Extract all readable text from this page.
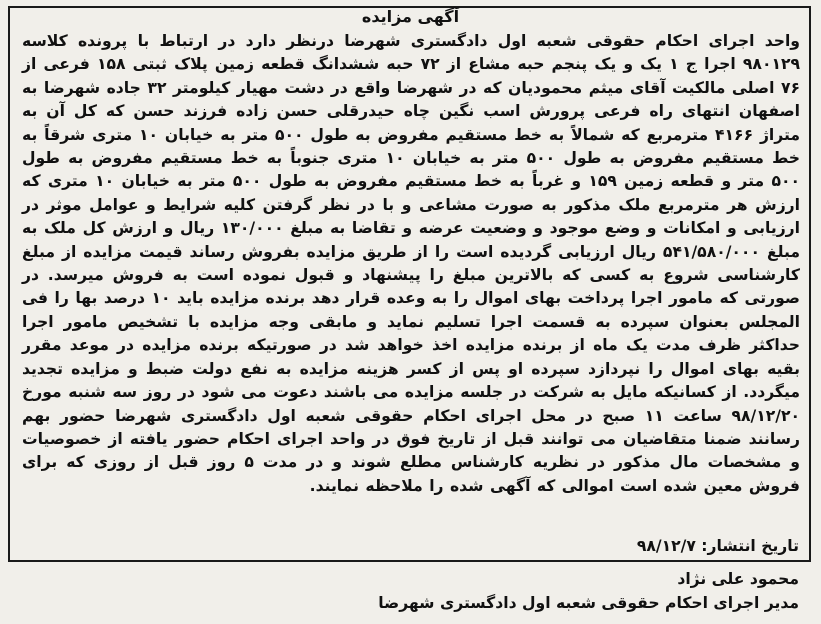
آگهی مزایده
واحد اجرای احکام حقوقی شعبه اول دادگستری شهرضا درنظر دارد در ارتباط با پرونده کلاسه ۹۸۰۱۲۹ اجرا ج ۱ یک و یک پنجم حبه مشاع از ۷۲ حبه ششدانگ قطعه زمین پلاک ثبتی ۱۵۸ فرعی از ۷۶ اصلی مالکیت آقای میثم محمودیان که در شهرضا واقع در دشت مهیار کیلومتر ۳۲ جاده شهرضا به اصفهان انتهای راه فرعی پرورش اسب نگین چاه حیدرقلی حسن زاده فرزند حسن که کل آن به متراژ ۴۱۶۶ مترمربع که شمالاً به خط مستقیم مفروض به طول ۵۰۰ متر به خیابان ۱۰ متری شرقاً به خط مستقیم مفروض به طول ۵۰۰ متر به خیابان ۱۰ متری جنوباً به خط مستقیم مفروض به طول ۵۰۰ متر و قطعه زمین ۱۵۹ و غرباً به خط مستقیم مفروض به طول ۵۰۰ متر به خیابان ۱۰ متری که ارزش هر مترمربع ملک مذکور به صورت مشاعی و با در نظر گرفتن کلیه شرایط و عوامل موثر در ارزیابی و امکانات و وضع موجود و وضعیت عرضه و تقاضا به مبلغ ۱۳۰/۰۰۰ ریال و ارزش کل ملک به مبلغ ۵۴۱/۵۸۰/۰۰۰ ریال ارزیابی گردیده است را از طریق مزایده بفروش رساند قیمت مزایده از مبلغ کارشناسی شروع به کسی که بالاترین مبلغ را پیشنهاد و قبول نموده است به فروش میرسد. در صورتی که مامور اجرا پرداخت بهای اموال را به وعده قرار دهد برنده مزایده باید ۱۰ درصد بها را فی المجلس بعنوان سپرده به قسمت اجرا تسلیم نماید و مابقی وجه مزایده با تشخیص مامور اجرا حداکثر ظرف مدت یک ماه از برنده مزایده اخذ خواهد شد در صورتیکه برنده مزایده در موعد مقرر بقیه بهای اموال را نپردازد سپرده او پس از کسر هزینه مزایده به نفع دولت ضبط و مزایده تجدید میگردد. از کسانیکه مایل به شرکت در جلسه مزایده می باشند دعوت می شود در روز سه شنبه مورخ ۹۸/۱۲/۲۰ ساعت ۱۱ صبح در محل اجرای احکام حقوقی شعبه اول دادگستری شهرضا حضور بهم رسانند ضمنا متقاضیان می توانند قبل از تاریخ فوق در واحد اجرای احکام حضور یافته از خصوصیات و مشخصات مال مذکور در نظریه کارشناس مطلع شوند و در مدت ۵ روز قبل از روزی که برای فروش معین شده است اموالی که آگهی شده را ملاحظه نمایند.
تاریخ انتشار: ۹۸/۱۲/۷
محمود علی نژاد
مدیر اجرای احکام حقوقی شعبه اول دادگستری شهرضا
